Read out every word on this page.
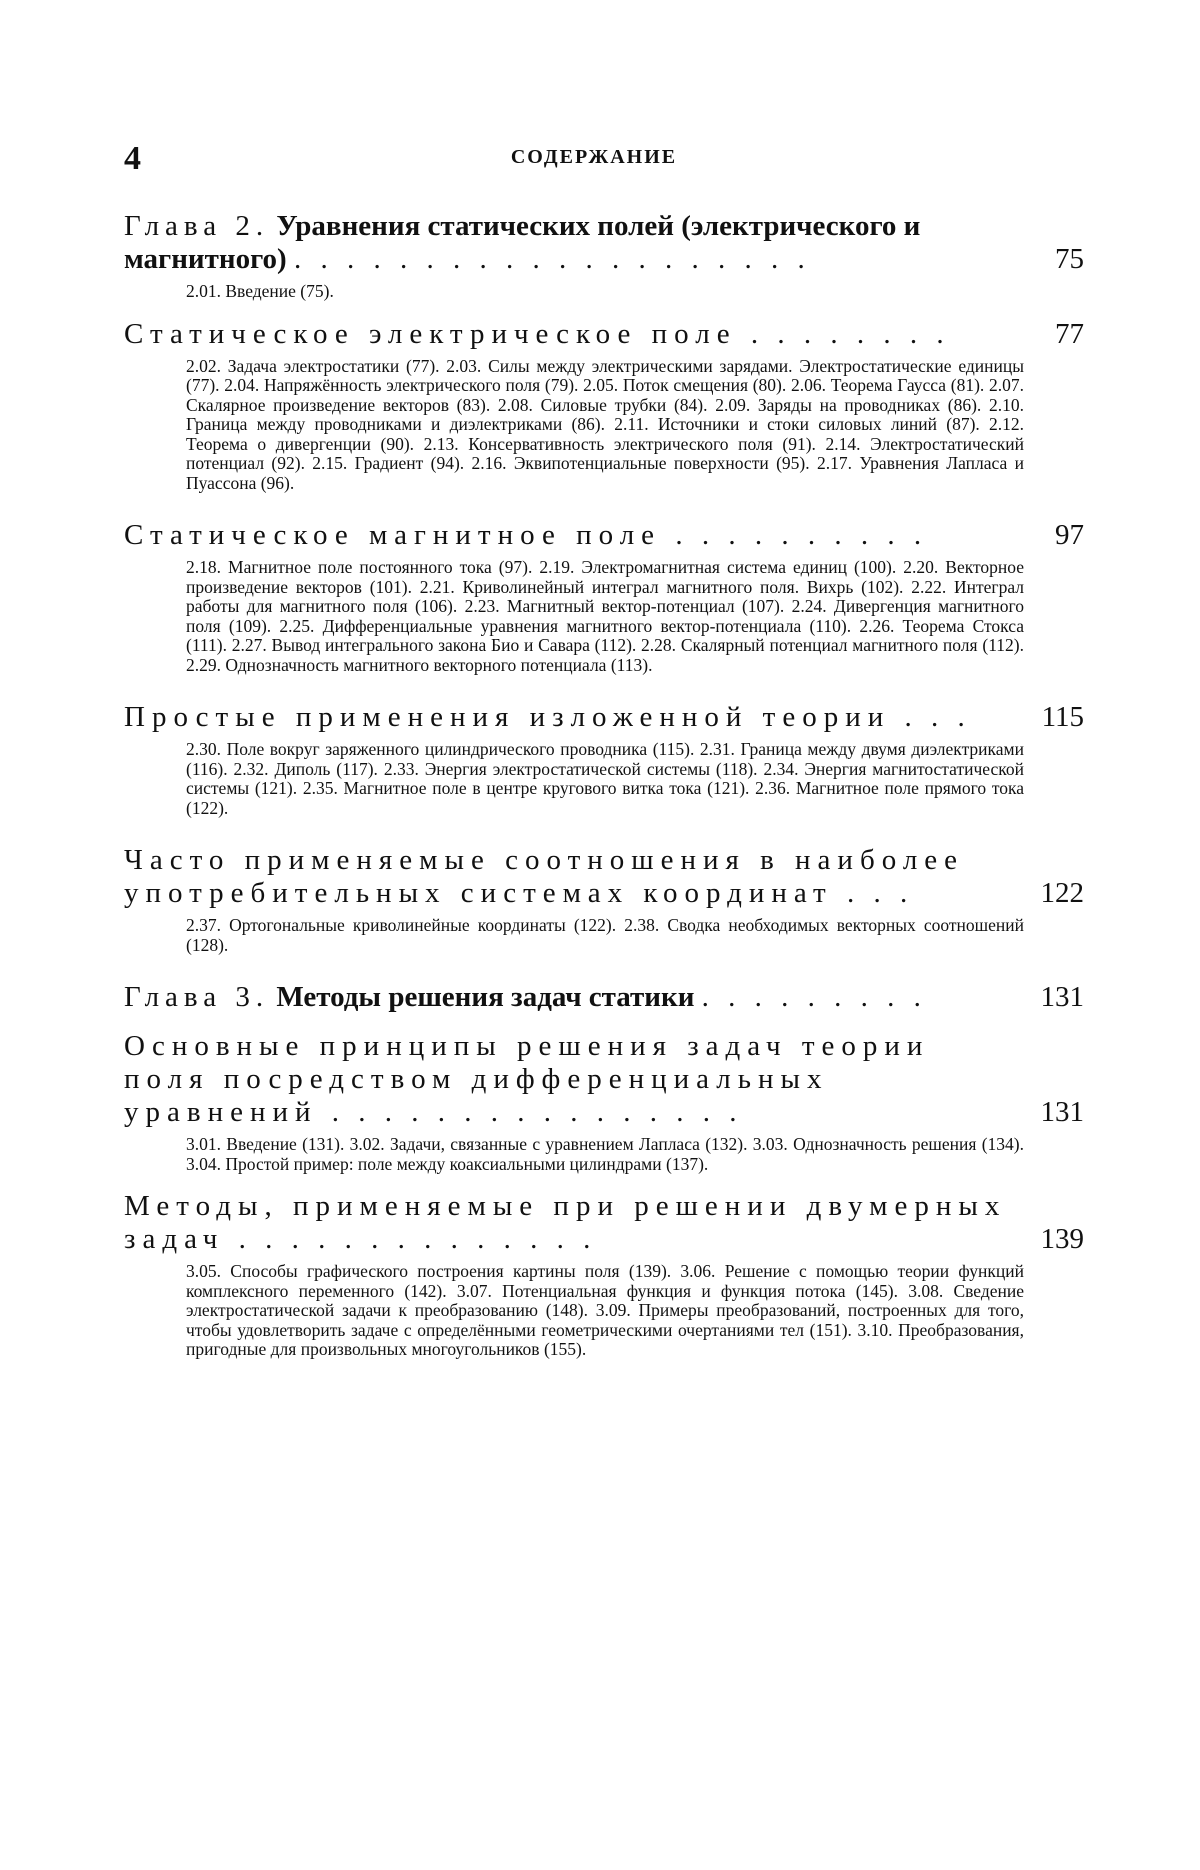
4	СОДЕРЖАНИЕ
Глава 2. Уравнения статических полей (электрического и магнитного) . . . . . . . . . . . . . . . . . . . .	75
2.01. Введение (75).
Статическое электрическое поле . . . . . . . .	77
2.02. Задача электростатики (77). 2.03. Силы между электрическими зарядами. Электростатические единицы (77). 2.04. Напряжённость электрического поля (79). 2.05. Поток смещения (80). 2.06. Теорема Гаусса (81). 2.07. Скалярное произведение векторов (83). 2.08. Силовые трубки (84). 2.09. Заряды на проводниках (86). 2.10. Граница между проводниками и диэлектриками (86). 2.11. Источники и стоки силовых линий (87). 2.12. Теорема о дивергенции (90). 2.13. Консервативность электрического поля (91). 2.14. Электростатический потенциал (92). 2.15. Градиент (94). 2.16. Эквипотенциальные поверхности (95). 2.17. Уравнения Лапласа и Пуассона (96).
Статическое магнитное поле . . . . . . . . . .	97
2.18. Магнитное поле постоянного тока (97). 2.19. Электромагнитная система единиц (100). 2.20. Векторное произведение векторов (101). 2.21. Криволинейный интеграл магнитного поля. Вихрь (102). 2.22. Интеграл работы для магнитного поля (106). 2.23. Магнитный вектор-потенциал (107). 2.24. Дивергенция магнитного поля (109). 2.25. Дифференциальные уравнения магнитного вектор-потенциала (110). 2.26. Теорема Стокса (111). 2.27. Вывод интегрального закона Био и Савара (112). 2.28. Скалярный потенциал магнитного поля (112). 2.29. Однозначность магнитного векторного потенциала (113).
Простые применения изложенной теории . . .	115
2.30. Поле вокруг заряженного цилиндрического проводника (115). 2.31. Граница между двумя диэлектриками (116). 2.32. Диполь (117). 2.33. Энергия электростатической системы (118). 2.34. Энергия магнитостатической системы (121). 2.35. Магнитное поле в центре кругового витка тока (121). 2.36. Магнитное поле прямого тока (122).
Часто применяемые соотношения в наиболее употребительных системах координат . . .	122
2.37. Ортогональные криволинейные координаты (122). 2.38. Сводка необходимых векторных соотношений (128).
Глава 3. Методы решения задач статики . . . . . . . . .	131
Основные принципы решения задач теории поля посредством дифференциальных уравнений . . . . . . . . . . . . . . . .	131
3.01. Введение (131). 3.02. Задачи, связанные с уравнением Лапласа (132). 3.03. Однозначность решения (134). 3.04. Простой пример: поле между коаксиальными цилиндрами (137).
Методы, применяемые при решении двумерных задач . . . . . . . . . . . . . .	139
3.05. Способы графического построения картины поля (139). 3.06. Решение с помощью теории функций комплексного переменного (142). 3.07. Потенциальная функция и функция потока (145). 3.08. Сведение электростатической задачи к преобразованию (148). 3.09. Примеры преобразований, построенных для того, чтобы удовлетворить задаче с определёнными геометрическими очертаниями тел (151). 3.10. Преобразования, пригодные для произвольных многоугольников (155).
